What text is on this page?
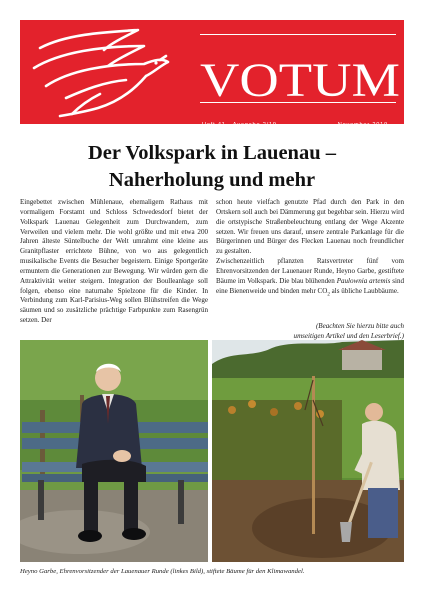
VOTUM
Heft 41 · Ausgabe 2/19	November 2019
Der Volkspark in Lauenau –
Naherholung und mehr

Eingebettet zwischen Mühlenaue, ehemaligem Rathaus mit vormaligem Forstamt und Schloss Schwedesdorf bietet der Volkspark Lauenau Gelegenheit zum Durchwandern, zum Verweilen und vielem mehr. Die wohl größte und mit etwa 200 Jahren älteste Süntelbuche der Welt umrahmt eine kleine aus Granitpflaster errichtete Bühne, von wo aus gelegentlich musikalische Events die Besucher begeistern. Einige Sportgeräte ermuntern die Generationen zur Bewegung. Wir würden gern die Attraktivität weiter steigern. Integration der Boulleanlage soll folgen, ebenso eine naturnahe Spielzone für die Kinder. In Verbindung zum Karl-Parisius-Weg sollen Blühstreifen die Wege säumen und so zusätzliche prächtige Farbpunkte zum Rasengrün setzen. Der

schon heute vielfach genutzte Pfad durch den Park in den Ortskern soll auch bei Dämmerung gut begehbar sein. Hierzu wird die ortstypische Straßenbeleuchtung entlang der Wege Akzente setzen. Wir freuen uns darauf, unsere zentrale Parkanlage für die Bürgerinnen und Bürger des Flecken Lauenau noch freundlicher zu gestalten.

Zwischenzeitlich pflanzten Ratsvertreter fünf vom Ehrenvorsitzenden der Lauenauer Runde, Heyno Garbe, gestiftete Bäume im Volkspark. Die blau blühenden Paulownia artemis sind eine Bienenweide und binden mehr $CO_2$ als übliche Laubbäume.

(Beachten Sie hierzu bitte auch
umseitigen Artikel und den Leserbrief.)
Heyno Garbe, Ehrenvorsitzender der Lauenauer Runde (linkes Bild), stiftete Bäume für den Klimawandel.
